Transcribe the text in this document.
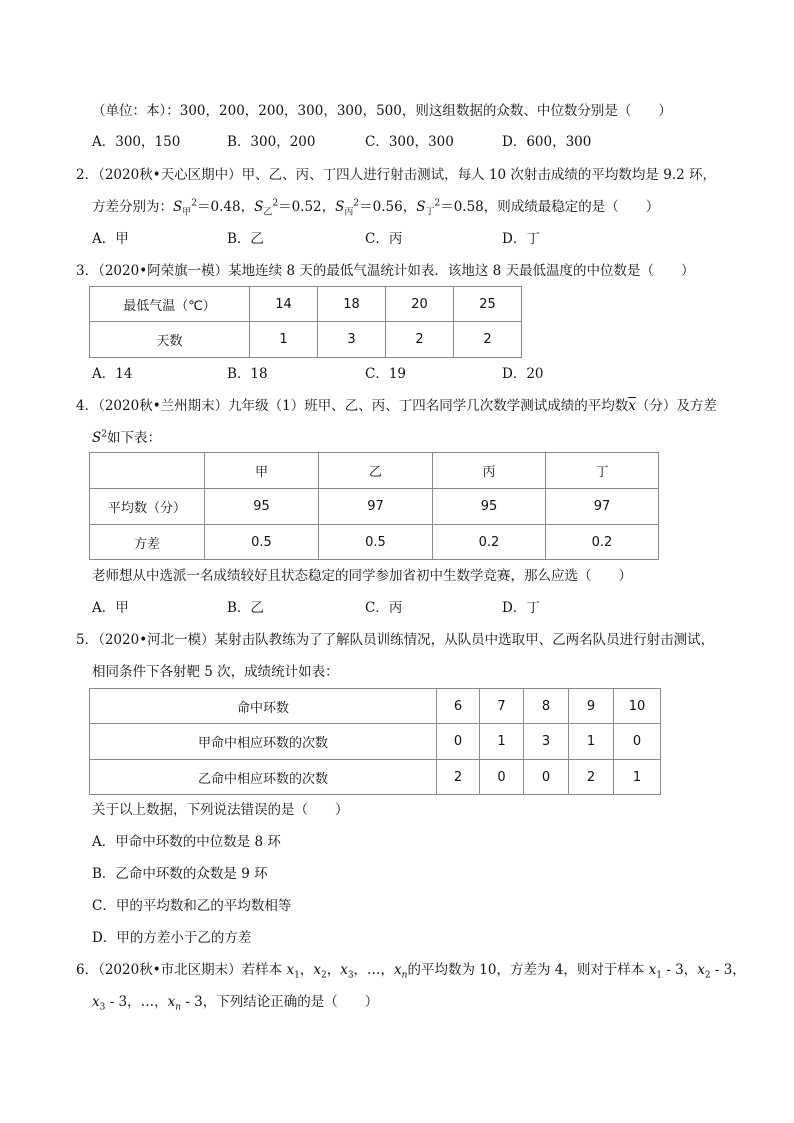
（单位：本）：300，200，200，300，300，500，则这组数据的众数、中位数分别是（　　）
A．300，150	B．300，200	C．300，300	D．600，300
2．（2020秋•天心区期中）甲、乙、丙、丁四人进行射击测试，每人 10 次射击成绩的平均数均是 9.2 环，
方差分别为：$S_甲^2=0.48$，$S_乙^2=0.52$，$S_丙^2=0.56$，$S_丁^2=0.58$，则成绩最稳定的是（　　）
A．甲	B．乙	C．丙	D．丁
3．（2020•阿荣旗一模）某地连续 8 天的最低气温统计如表．该地这 8 天最低温度的中位数是（　　）
最低气温（℃）	14	18	20	25
天数	1	3	2	2
A．14	B．18	C．19	D．20
4．（2020秋•兰州期末）九年级（1）班甲、乙、丙、丁四名同学几次数学测试成绩的平均数$\overline{x}$（分）及方差
$S^2$如下表：
	甲	乙	丙	丁
平均数（分）	95	97	95	97
方差	0.5	0.5	0.2	0.2
老师想从中选派一名成绩较好且状态稳定的同学参加省初中生数学竞赛，那么应选（　　）
A．甲	B．乙	C．丙	D．丁
5．（2020•河北一模）某射击队教练为了了解队员训练情况，从队员中选取甲、乙两名队员进行射击测试，
相同条件下各射靶 5 次，成绩统计如表：
命中环数	6	7	8	9	10
甲命中相应环数的次数	0	1	3	1	0
乙命中相应环数的次数	2	0	0	2	1
关于以上数据，下列说法错误的是（　　）
A．甲命中环数的中位数是 8 环
B．乙命中环数的众数是 9 环
C．甲的平均数和乙的平均数相等
D．甲的方差小于乙的方差
6．（2020秋•市北区期末）若样本 $x_1$，$x_2$，$x_3$，…，$x_n$的平均数为 10，方差为 4，则对于样本 $x_1 - 3$，$x_2 - 3$，
$x_3 - 3$，…，$x_n - 3$，下列结论正确的是（　　）
